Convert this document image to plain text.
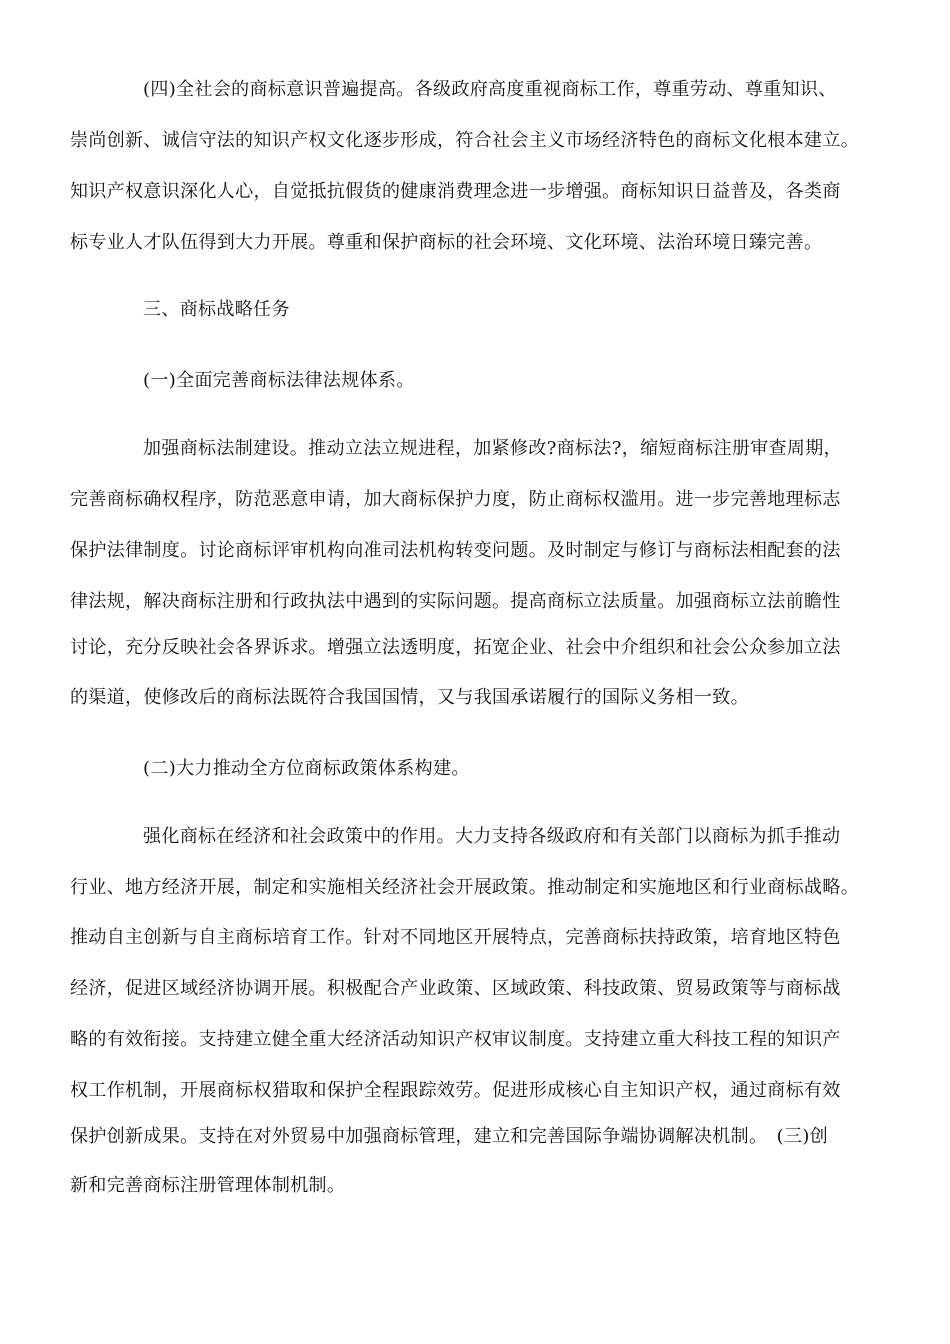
(四)全社会的商标意识普遍提高。各级政府高度重视商标工作，尊重劳动、尊重知识、
崇尚创新、诚信守法的知识产权文化逐步形成，符合社会主义市场经济特色的商标文化根本建立。
知识产权意识深化人心，自觉抵抗假货的健康消费理念进一步增强。商标知识日益普及，各类商
标专业人才队伍得到大力开展。尊重和保护商标的社会环境、文化环境、法治环境日臻完善。
三、商标战略任务
(一)全面完善商标法律法规体系。
加强商标法制建设。推动立法立规进程，加紧修改?商标法?，缩短商标注册审查周期，
完善商标确权程序，防范恶意申请，加大商标保护力度，防止商标权滥用。进一步完善地理标志
保护法律制度。讨论商标评审机构向准司法机构转变问题。及时制定与修订与商标法相配套的法
律法规，解决商标注册和行政执法中遇到的实际问题。提高商标立法质量。加强商标立法前瞻性
讨论，充分反映社会各界诉求。增强立法透明度，拓宽企业、社会中介组织和社会公众参加立法
的渠道，使修改后的商标法既符合我国国情，又与我国承诺履行的国际义务相一致。
(二)大力推动全方位商标政策体系构建。
强化商标在经济和社会政策中的作用。大力支持各级政府和有关部门以商标为抓手推动
行业、地方经济开展，制定和实施相关经济社会开展政策。推动制定和实施地区和行业商标战略。
推动自主创新与自主商标培育工作。针对不同地区开展特点，完善商标扶持政策，培育地区特色
经济，促进区域经济协调开展。积极配合产业政策、区域政策、科技政策、贸易政策等与商标战
略的有效衔接。支持建立健全重大经济活动知识产权审议制度。支持建立重大科技工程的知识产
权工作机制，开展商标权猎取和保护全程跟踪效劳。促进形成核心自主知识产权，通过商标有效
保护创新成果。支持在对外贸易中加强商标管理，建立和完善国际争端协调解决机制。　(三)创
新和完善商标注册管理体制机制。
